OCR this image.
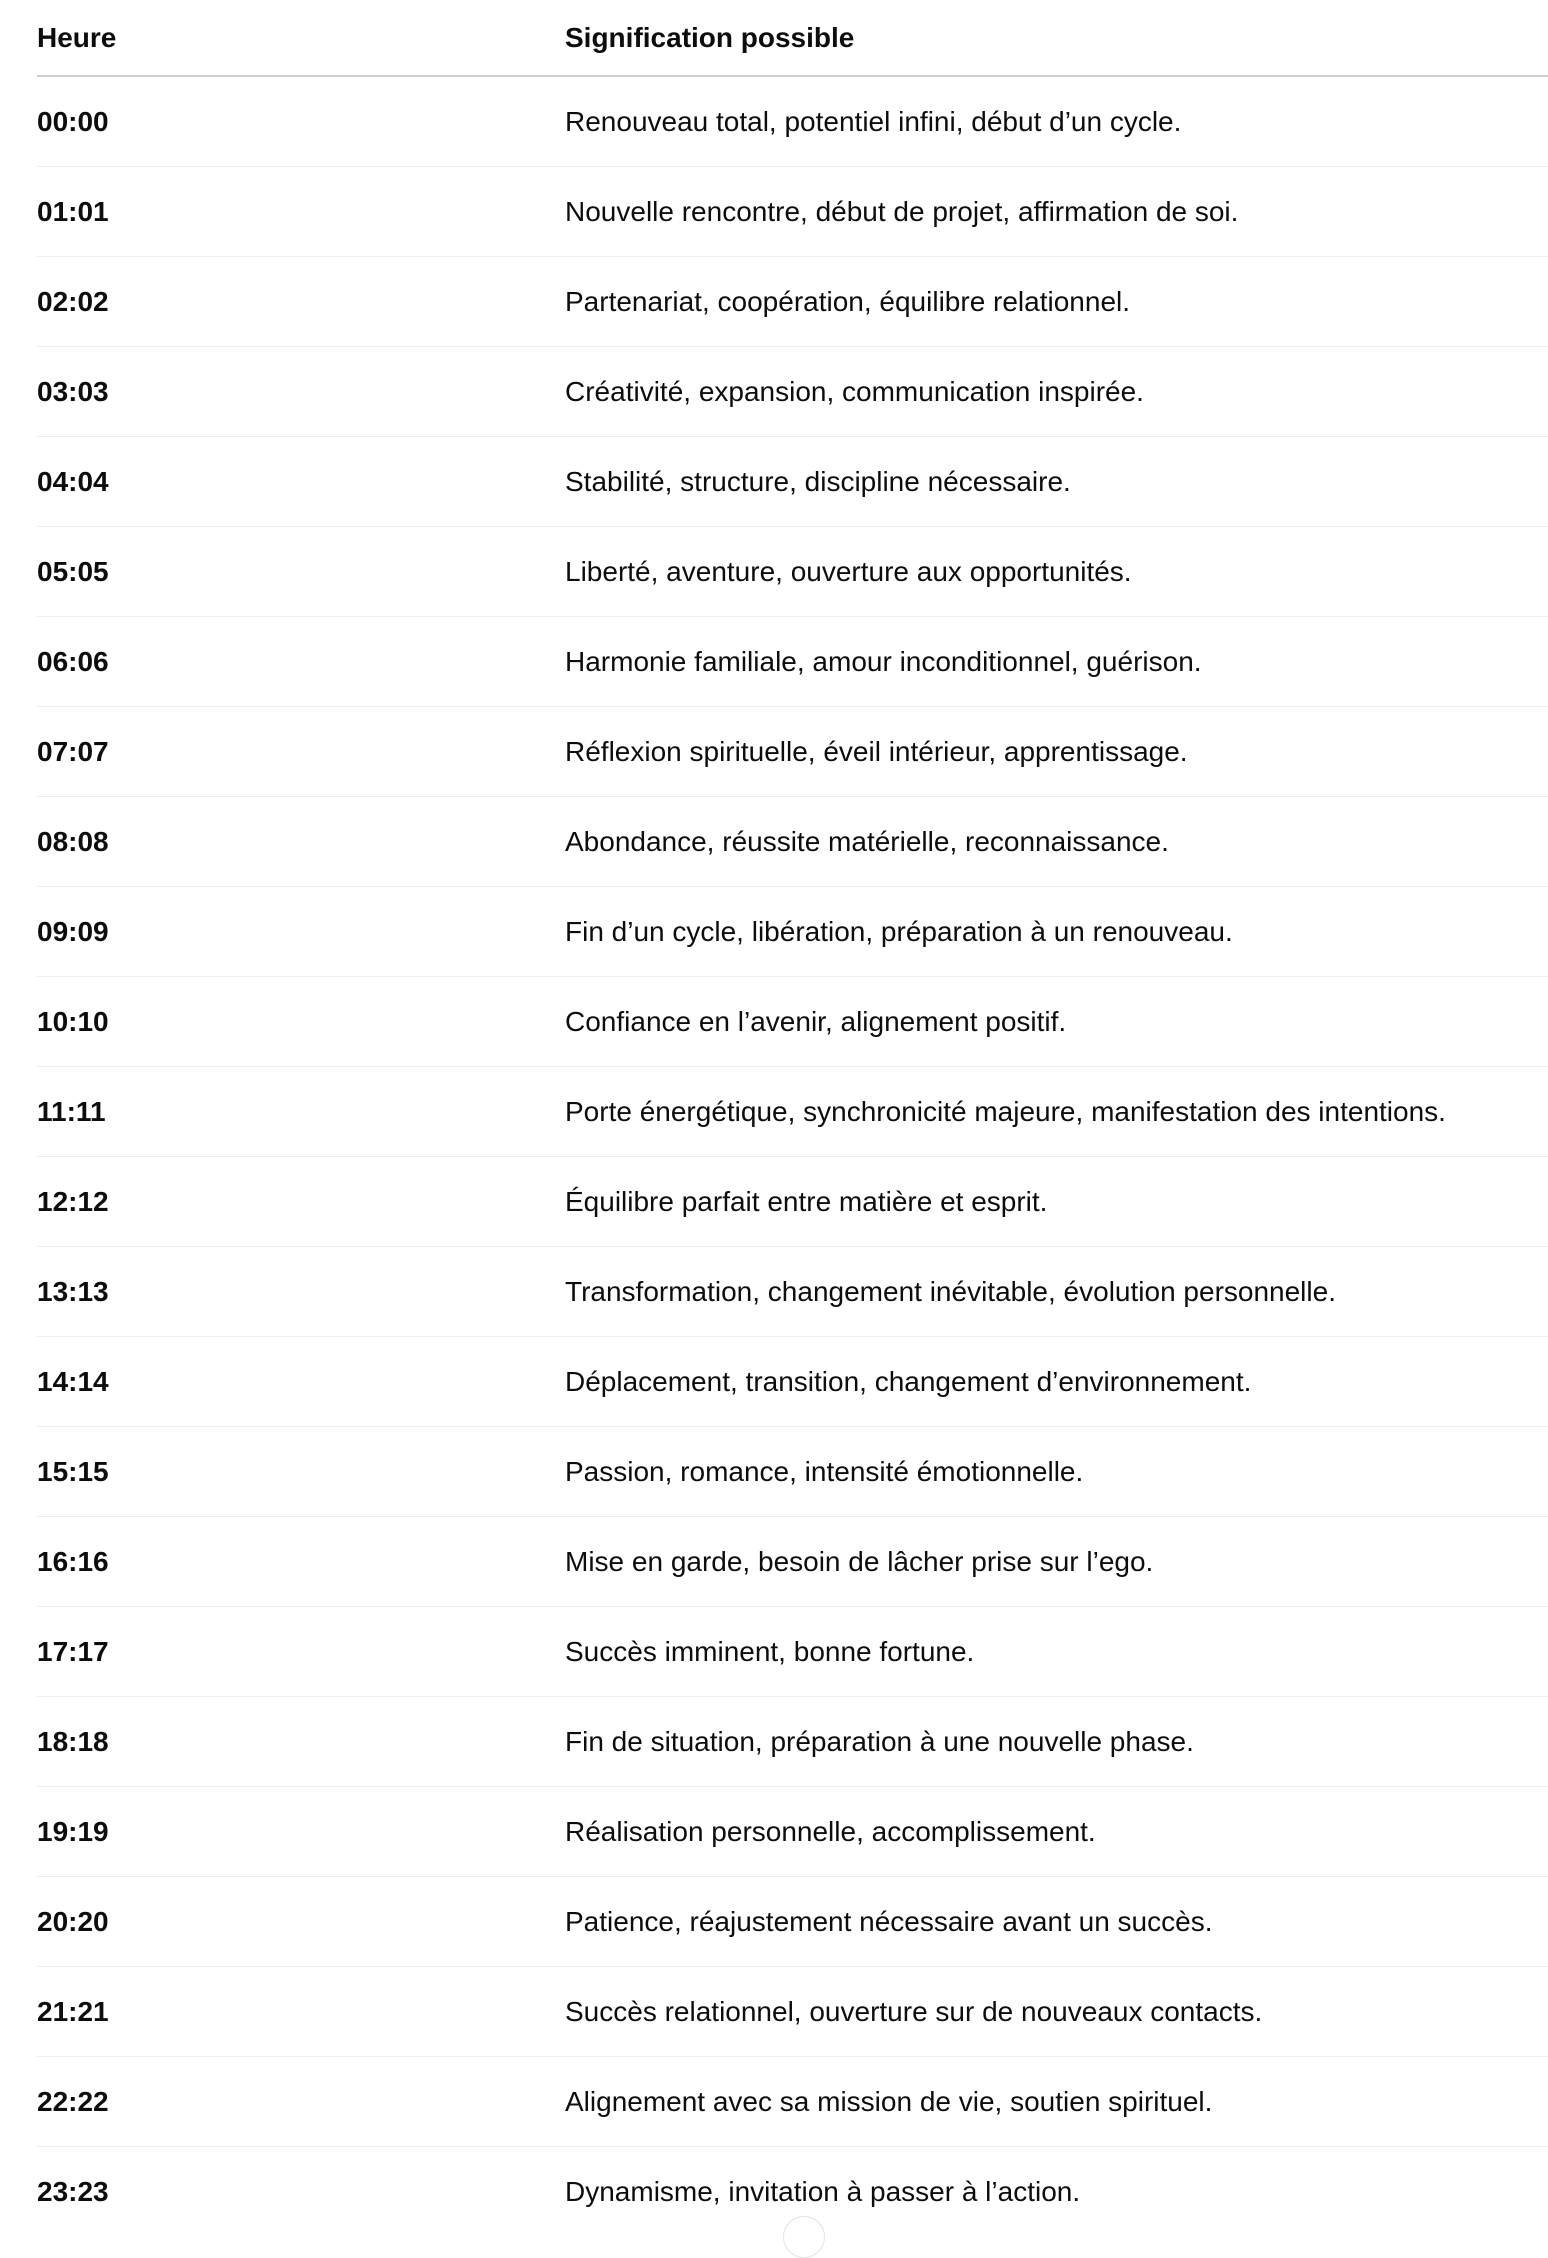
Heure	Signification possible
00:00	Renouveau total, potentiel infini, début d’un cycle.
01:01	Nouvelle rencontre, début de projet, affirmation de soi.
02:02	Partenariat, coopération, équilibre relationnel.
03:03	Créativité, expansion, communication inspirée.
04:04	Stabilité, structure, discipline nécessaire.
05:05	Liberté, aventure, ouverture aux opportunités.
06:06	Harmonie familiale, amour inconditionnel, guérison.
07:07	Réflexion spirituelle, éveil intérieur, apprentissage.
08:08	Abondance, réussite matérielle, reconnaissance.
09:09	Fin d’un cycle, libération, préparation à un renouveau.
10:10	Confiance en l’avenir, alignement positif.
11:11	Porte énergétique, synchronicité majeure, manifestation des intentions.
12:12	Équilibre parfait entre matière et esprit.
13:13	Transformation, changement inévitable, évolution personnelle.
14:14	Déplacement, transition, changement d’environnement.
15:15	Passion, romance, intensité émotionnelle.
16:16	Mise en garde, besoin de lâcher prise sur l’ego.
17:17	Succès imminent, bonne fortune.
18:18	Fin de situation, préparation à une nouvelle phase.
19:19	Réalisation personnelle, accomplissement.
20:20	Patience, réajustement nécessaire avant un succès.
21:21	Succès relationnel, ouverture sur de nouveaux contacts.
22:22	Alignement avec sa mission de vie, soutien spirituel.
23:23	Dynamisme, invitation à passer à l’action.
